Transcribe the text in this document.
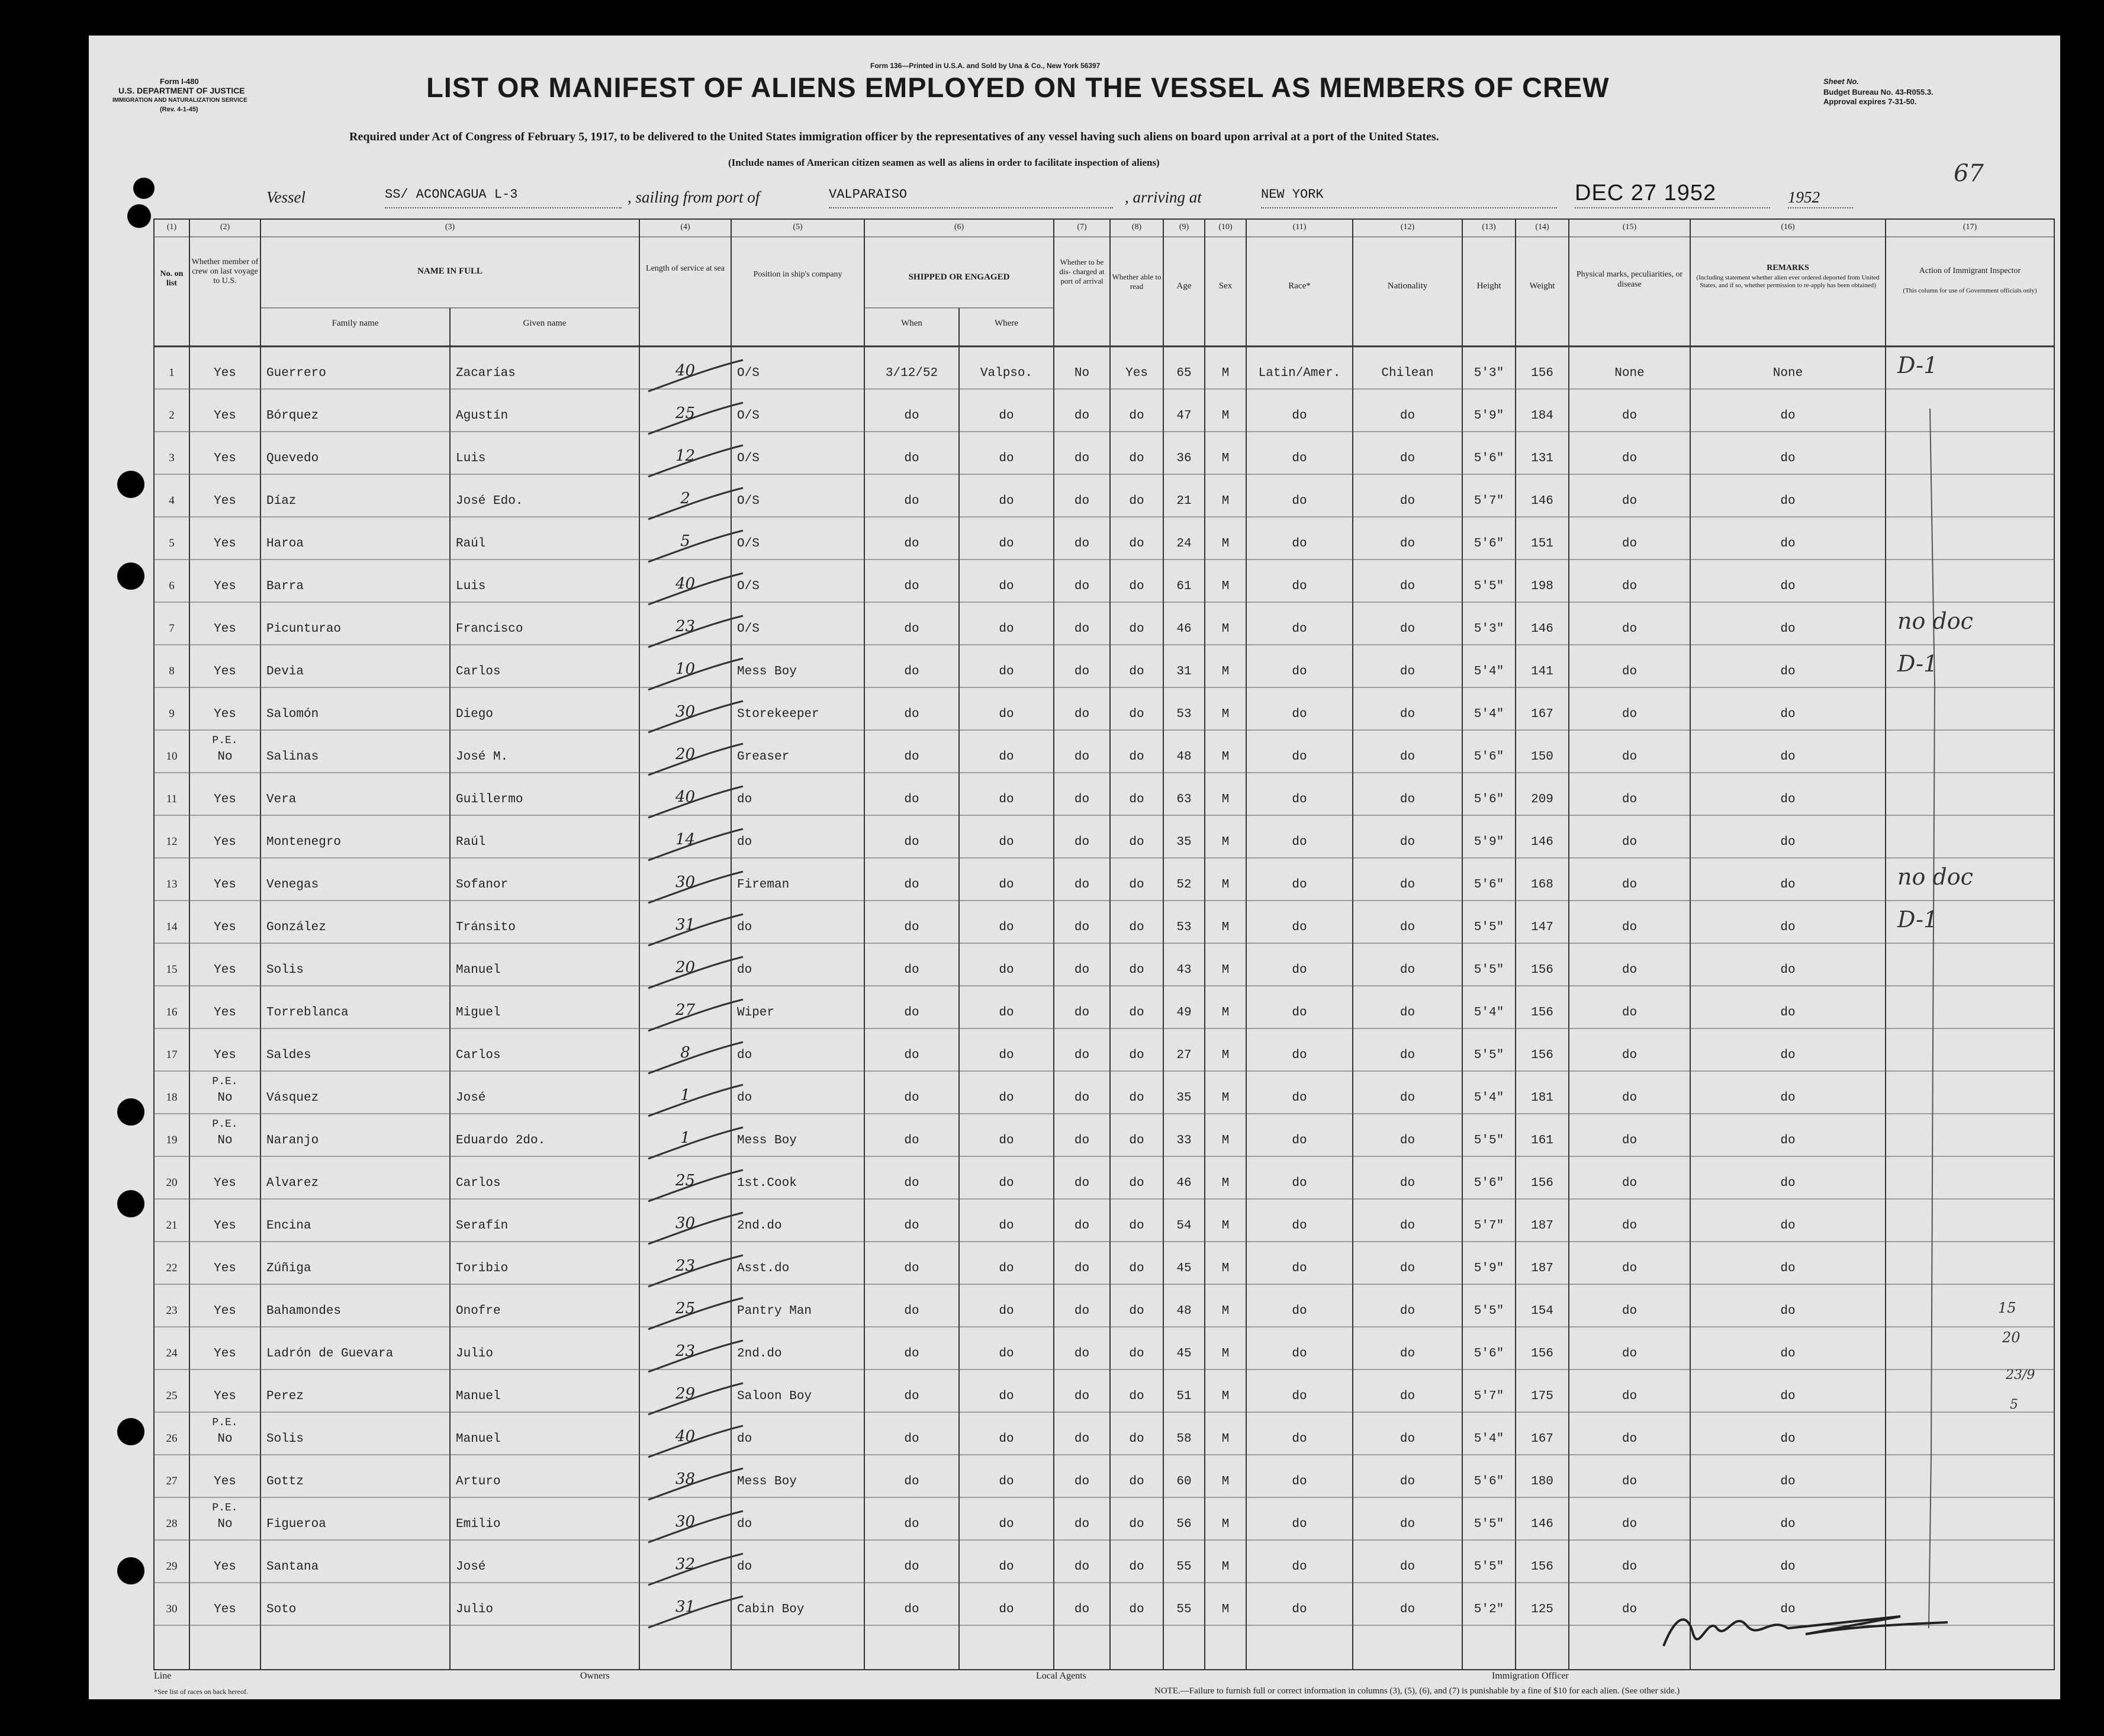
Form I-480
U.S. DEPARTMENT OF JUSTICE
IMMIGRATION AND NATURALIZATION SERVICE
(Rev. 4-1-45)
Form 136—Printed in U.S.A. and Sold by Una & Co., New York 56397
LIST OR MANIFEST OF ALIENS EMPLOYED ON THE VESSEL AS MEMBERS OF CREW
Required under Act of Congress of February 5, 1917, to be delivered to the United States immigration officer by the representatives of any vessel having such aliens on board upon arrival at a port of the United States.
(Include names of American citizen seamen as well as aliens in order to facilitate inspection of aliens)
Sheet No.
Budget Bureau No. 43-R055.3.
Approval expires 7-31-50.
67
Vessel	SS/ ACONCAGUA L-3	, sailing from port of	VALPARAISO	, arriving at	NEW YORK	DEC 27 1952	1952
(1)	(2)	(3)	(4)	(5)	(6)	(7)	(8)	(9)	(10)	(11)	(12)	(13)	(14)	(15)	(16)	(17)
No. on list
Whether member of crew on last voyage to U.S.
NAME IN FULL
Family name	Given name
Length of service at sea
Position in ship's company	SHIPPED OR ENGAGED
When	Where
Whether to be dis- charged at port of arrival	Whether able to read	Age	Sex	Race*	Nationality	Height	Weight
Physical marks, peculiarities, or disease
REMARKS
(Including statement whether alien ever ordered deported from United States, and if so, whether permission to re-apply has been obtained)
Action of Immigrant Inspector
(This column for use of Government officials only)
1	Yes	Guerrero	Zacarías	40	O/S	3/12/52	Valpso.	No	Yes	65	M	Latin/Amer.	Chilean	5'3"	156	None	None	D-1
2	Yes	Bórquez	Agustín	25	O/S	do	do	do	do	47	M	do	do	5'9"	184	do	do
3	Yes	Quevedo	Luis	12	O/S	do	do	do	do	36	M	do	do	5'6"	131	do	do
4	Yes	Díaz	José Edo.	2	O/S	do	do	do	do	21	M	do	do	5'7"	146	do	do
5	Yes	Haroa	Raúl	5	O/S	do	do	do	do	24	M	do	do	5'6"	151	do	do
6	Yes	Barra	Luis	40	O/S	do	do	do	do	61	M	do	do	5'5"	198	do	do
7	Yes	Picunturao	Francisco	23	O/S	do	do	do	do	46	M	do	do	5'3"	146	do	do	no doc
8	Yes	Devia	Carlos	10	Mess Boy	do	do	do	do	31	M	do	do	5'4"	141	do	do	D-1
9	Yes	Salomón	Diego	30	Storekeeper	do	do	do	do	53	M	do	do	5'4"	167	do	do
10	No	Salinas	José M.	20	Greaser	do	do	do	do	48	M	do	do	5'6"	150	do	do
P.E.
11	Yes	Vera	Guillermo	40	do	do	do	do	do	63	M	do	do	5'6"	209	do	do
12	Yes	Montenegro	Raúl	14	do	do	do	do	do	35	M	do	do	5'9"	146	do	do
13	Yes	Venegas	Sofanor	30	Fireman	do	do	do	do	52	M	do	do	5'6"	168	do	do	no doc
14	Yes	González	Tránsito	31	do	do	do	do	do	53	M	do	do	5'5"	147	do	do	D-1
15	Yes	Solis	Manuel	20	do	do	do	do	do	43	M	do	do	5'5"	156	do	do
16	Yes	Torreblanca	Miguel	27	Wiper	do	do	do	do	49	M	do	do	5'4"	156	do	do
17	Yes	Saldes	Carlos	8	do	do	do	do	do	27	M	do	do	5'5"	156	do	do
18	No	Vásquez	José	1	do	do	do	do	do	35	M	do	do	5'4"	181	do	do
P.E.
19	No	Naranjo	Eduardo 2do.	1	Mess Boy	do	do	do	do	33	M	do	do	5'5"	161	do	do
P.E.
20	Yes	Alvarez	Carlos	25	1st.Cook	do	do	do	do	46	M	do	do	5'6"	156	do	do
21	Yes	Encina	Serafín	30	2nd.do	do	do	do	do	54	M	do	do	5'7"	187	do	do
22	Yes	Zúñiga	Toribio	23	Asst.do	do	do	do	do	45	M	do	do	5'9"	187	do	do
23	Yes	Bahamondes	Onofre	25	Pantry Man	do	do	do	do	48	M	do	do	5'5"	154	do	do
24	Yes	Ladrón de Guevara	Julio	23	2nd.do	do	do	do	do	45	M	do	do	5'6"	156	do	do
25	Yes	Perez	Manuel	29	Saloon Boy	do	do	do	do	51	M	do	do	5'7"	175	do	do
26	No	Solis	Manuel	40	do	do	do	do	do	58	M	do	do	5'4"	167	do	do
P.E.
27	Yes	Gottz	Arturo	38	Mess Boy	do	do	do	do	60	M	do	do	5'6"	180	do	do
28	No	Figueroa	Emilio	30	do	do	do	do	do	56	M	do	do	5'5"	146	do	do
P.E.
29	Yes	Santana	José	32	do	do	do	do	do	55	M	do	do	5'5"	156	do	do
30	Yes	Soto	Julio	31	Cabin Boy	do	do	do	do	55	M	do	do	5'2"	125	do	do
15
20
23/9
5
Line	Owners	Local Agents	Immigration Officer
*See list of races on back hereof.	NOTE.—Failure to furnish full or correct information in columns (3), (5), (6), and (7) is punishable by a fine of $10 for each alien. (See other side.)
